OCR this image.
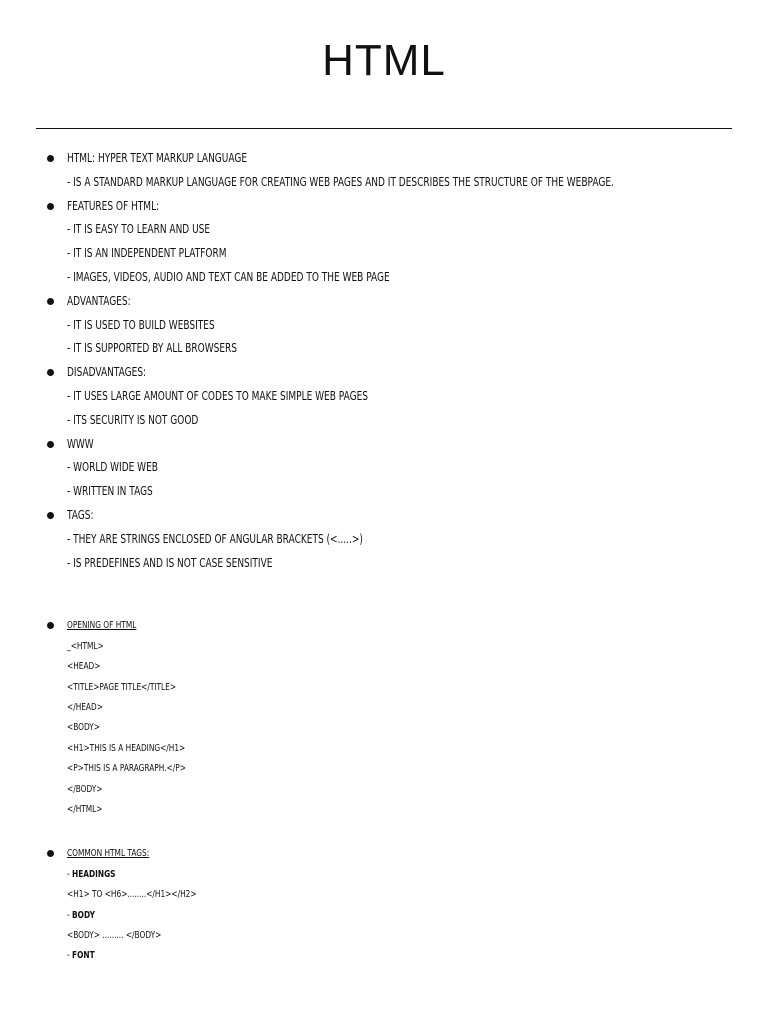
HTML
HTML: HYPER TEXT MARKUP LANGUAGE
- IS A STANDARD MARKUP LANGUAGE FOR CREATING WEB PAGES AND IT DESCRIBES THE STRUCTURE OF THE WEBPAGE.
FEATURES OF HTML:
- IT IS EASY TO LEARN AND USE
- IT IS AN INDEPENDENT PLATFORM
- IMAGES, VIDEOS, AUDIO AND TEXT CAN BE ADDED TO THE WEB PAGE
ADVANTAGES:
- IT IS USED TO BUILD WEBSITES
- IT IS SUPPORTED BY ALL BROWSERS
DISADVANTAGES:
- IT USES LARGE AMOUNT OF CODES TO MAKE SIMPLE WEB PAGES
- ITS SECURITY IS NOT GOOD
WWW
- WORLD WIDE WEB
- WRITTEN IN TAGS
TAGS:
- THEY ARE STRINGS ENCLOSED OF ANGULAR BRACKETS (<.....>)
- IS PREDEFINES AND IS NOT CASE SENSITIVE
OPENING OF HTML
_<HTML>
<HEAD>
<TITLE>PAGE TITLE</TITLE>
</HEAD>
<BODY>
<H1>THIS IS A HEADING</H1>
<P>THIS IS A PARAGRAPH.</P>
</BODY>
</HTML>
COMMON HTML TAGS:
- HEADINGS
<H1> TO <H6>........</H1></H2>
- BODY
<BODY> ......... </BODY>
- FONT
